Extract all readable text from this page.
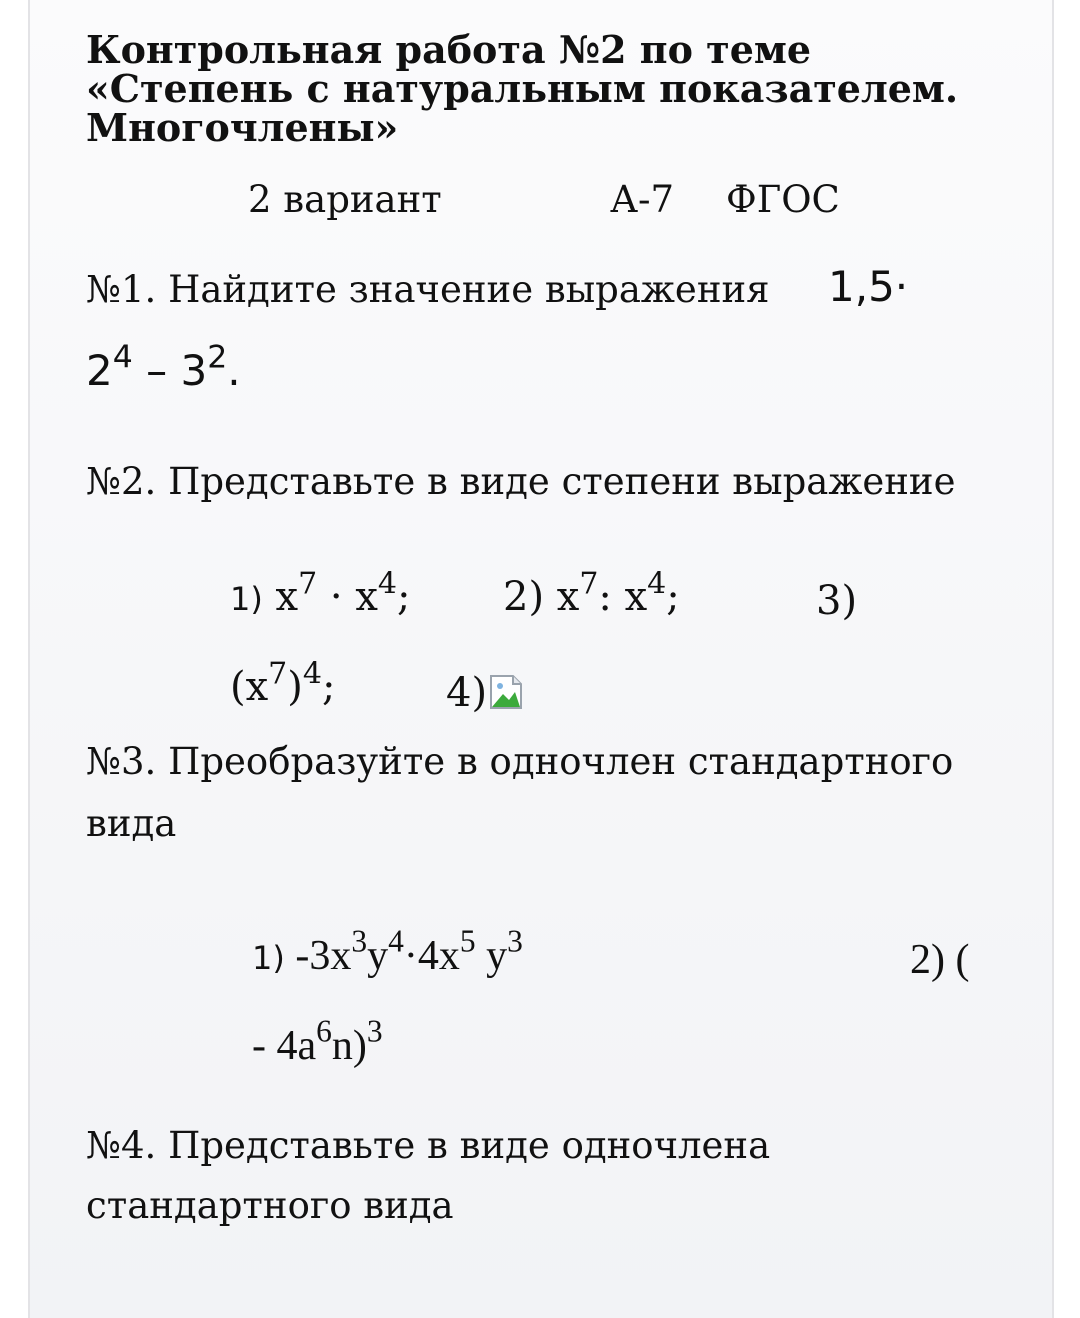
Контрольная работа №2 по теме «Степень с натуральным показателем. Многочлены»
2 вариант	А-7 ФГОС
№1. Найдите значение выражения 1,5·
$2^4 - 3^2$.
№2. Представьте в виде степени выражение
1) $x^7 \cdot x^4$; 2) $x^7$: $x^4$;	3)
$(x^7)^4$;	4)
№3. Преобразуйте в одночлен стандартного
вида
1) $-3x^3y^4\cdot 4x^5$ $y^3$	2) (
- $4a^6n)^3$
№4. Представьте в виде одночлена
стандартного вида
